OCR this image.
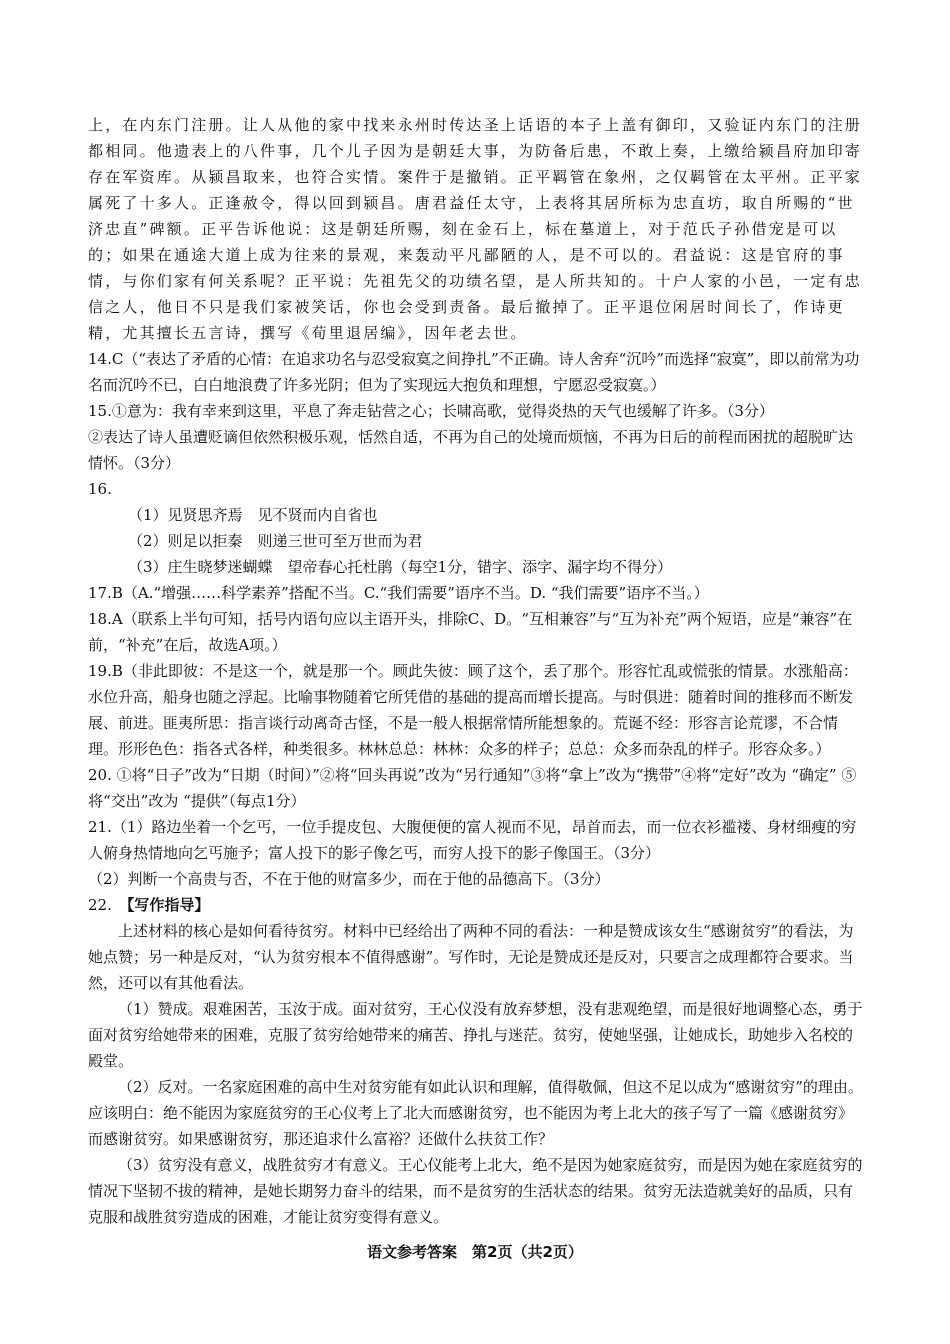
上，在内东门注册。让人从他的家中找来永州时传达圣上话语的本子上盖有御印，又验证内东门的注册都相同。他遗表上的八件事，几个儿子因为是朝廷大事，为防备后患，不敢上奏，上缴给颍昌府加印寄存在军资库。从颍昌取来，也符合实情。案件于是撤销。正平羁管在象州，之仅羁管在太平州。正平家属死了十多人。正逢赦令，得以回到颍昌。唐君益任太守，上表将其居所标为忠直坊，取自所赐的“世济忠直”碑额。正平告诉他说：这是朝廷所赐，刻在金石上，标在墓道上，对于范氏子孙借宠是可以的；如果在通途大道上成为往来的景观，来轰动平凡鄙陋的人，是不可以的。君益说：这是官府的事情，与你们家有何关系呢？正平说：先祖先父的功绩名望，是人所共知的。十户人家的小邑，一定有忠信之人，他日不只是我们家被笑话，你也会受到责备。最后撤掉了。正平退位闲居时间长了，作诗更精，尤其擅长五言诗，撰写《荀里退居编》，因年老去世。

14.C（“表达了矛盾的心情：在追求功名与忍受寂寞之间挣扎”不正确。诗人舍弃“沉吟”而选择“寂寞”，即以前常为功名而沉吟不已，白白地浪费了许多光阴；但为了实现远大抱负和理想，宁愿忍受寂寞。）

15.①意为：我有幸来到这里，平息了奔走钻营之心；长啸高歌，觉得炎热的天气也缓解了许多。（3分）

②表达了诗人虽遭贬谪但依然积极乐观，恬然自适，不再为自己的处境而烦恼，不再为日后的前程而困扰的超脱旷达情怀。（3分）

16.

（1）见贤思齐焉　见不贤而内自省也

（2）则足以拒秦　则递三世可至万世而为君

（3）庄生晓梦迷蝴蝶　望帝春心托杜鹃（每空1分，错字、添字、漏字均不得分）

17.B（A.“增强……科学素养”搭配不当。C.“我们需要”语序不当。D. “我们需要”语序不当。）

18.A（联系上半句可知，括号内语句应以主语开头，排除C、D。“互相兼容”与“互为补充”两个短语，应是“兼容”在前，“补充”在后，故选A项。）

19.B（非此即彼：不是这一个，就是那一个。顾此失彼：顾了这个，丢了那个。形容忙乱或慌张的情景。水涨船高：水位升高，船身也随之浮起。比喻事物随着它所凭借的基础的提高而增长提高。与时俱进：随着时间的推移而不断发展、前进。匪夷所思：指言谈行动离奇古怪，不是一般人根据常情所能想象的。荒诞不经：形容言论荒谬，不合情理。形形色色：指各式各样，种类很多。林林总总：林林：众多的样子；总总：众多而杂乱的样子。形容众多。）

20. ①将“日子”改为“日期（时间）”②将“回头再说”改为“另行通知”③将“拿上”改为“携带”④将“定好”改为 “确定” ⑤将“交出”改为 “提供”（每点1分）

21.（1）路边坐着一个乞丐，一位手提皮包、大腹便便的富人视而不见，昂首而去，而一位衣衫褴褛、身材细瘦的穷人俯身热情地向乞丐施予；富人投下的影子像乞丐，而穷人投下的影子像国王。（3分）

（2）判断一个高贵与否，不在于他的财富多少，而在于他的品德高下。（3分）

22.　 【写作指导】

上述材料的核心是如何看待贫穷。材料中已经给出了两种不同的看法：一种是赞成该女生“感谢贫穷”的看法，为她点赞；另一种是反对，“认为贫穷根本不值得感谢”。写作时，无论是赞成还是反对，只要言之成理都符合要求。当然，还可以有其他看法。

（1）赞成。艰难困苦，玉汝于成。面对贫穷，王心仪没有放弃梦想，没有悲观绝望，而是很好地调整心态，勇于面对贫穷给她带来的困难，克服了贫穷给她带来的痛苦、挣扎与迷茫。贫穷，使她坚强，让她成长，助她步入名校的殿堂。

（2）反对。一名家庭困难的高中生对贫穷能有如此认识和理解，值得敬佩，但这不足以成为“感谢贫穷”的理由。应该明白：绝不能因为家庭贫穷的王心仪考上了北大而感谢贫穷，也不能因为考上北大的孩子写了一篇《感谢贫穷》而感谢贫穷。如果感谢贫穷，那还追求什么富裕？还做什么扶贫工作？

（3）贫穷没有意义，战胜贫穷才有意义。王心仪能考上北大，绝不是因为她家庭贫穷，而是因为她在家庭贫穷的情况下坚韧不拔的精神，是她长期努力奋斗的结果，而不是贫穷的生活状态的结果。贫穷无法造就美好的品质，只有克服和战胜贫穷造成的困难，才能让贫穷变得有意义。

语文参考答案　第2页（共2页）
